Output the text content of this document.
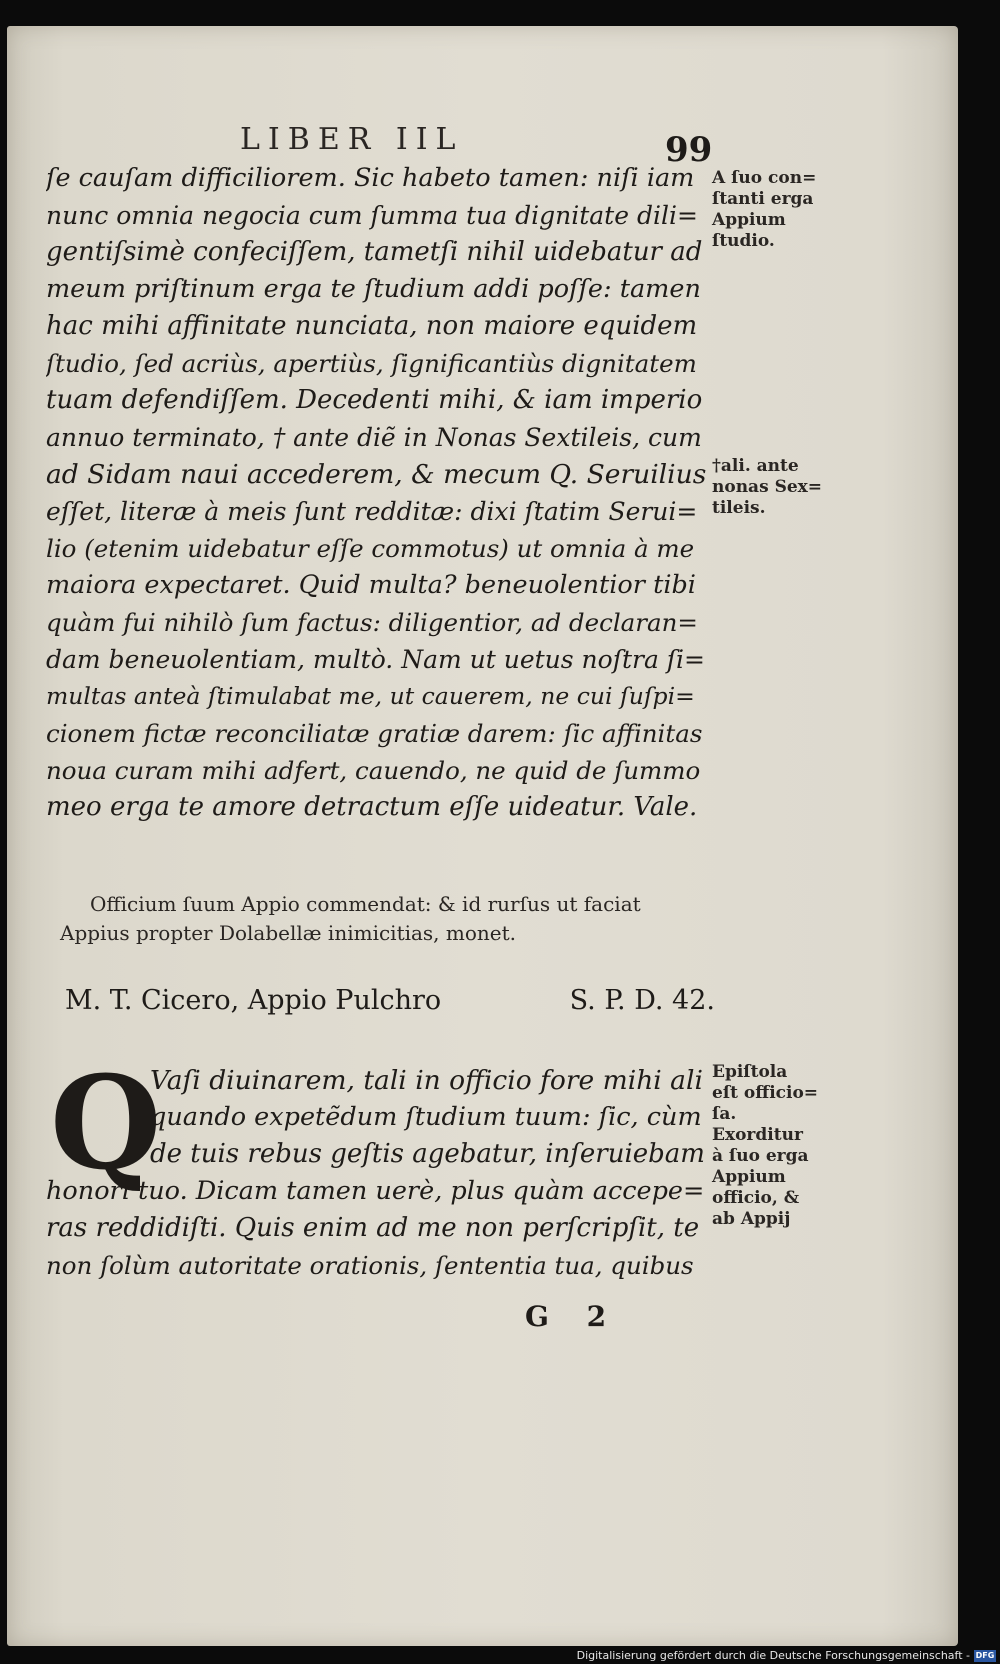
LIBER IIL	99
ſe cauſam difficiliorem. Sic habeto tamen: niſi iam
nunc omnia negocia cum ſumma tua dignitate dili=
gentiſsimè confeciſſem, tametſi nihil uidebatur ad
meum priſtinum erga te ſtudium addi poſſe: tamen
hac mihi affinitate nunciata, non maiore equidem
ſtudio, ſed acriùs, apertiùs, ſignificantiùs dignitatem
tuam defendiſſem. Decedenti mihi, & iam imperio
annuo terminato, † ante diẽ in Nonas Sextileis, cum
ad Sidam naui accederem, & mecum Q. Seruilius
eſſet, literæ à meis ſunt redditæ: dixi ſtatim Serui=
lio (etenim uidebatur eſſe commotus) ut omnia à me
maiora expectaret. Quid multa? beneuolentior tibi
quàm fui nihilò ſum factus: diligentior, ad declaran=
dam beneuolentiam, multò. Nam ut uetus noſtra ſi=
multas anteà ſtimulabat me, ut cauerem, ne cui ſuſpi=
cionem fictæ reconciliatæ gratiæ darem: ſic affinitas
noua curam mihi adfert, cauendo, ne quid de ſummo
meo erga te amore detractum eſſe uideatur. Vale.
A ſuo con=
ſtanti erga
Appium
ſtudio.
†ali. ante
nonas Sex=
tileis.
Epiſtola
eſt officio=
ſa.
Exorditur
à ſuo erga
Appium
officio, &
ab Appij
Officium ſuum Appio commendat: & id rurſus ut faciat
Appius propter Dolabellæ inimicitias, monet.
M. T. Cicero, Appio Pulchro	S. P. D. 42.
Q
Vaſi diuinarem, tali in officio fore mihi ali
quando expetẽdum ſtudium tuum: ſic, cùm
de tuis rebus geſtis agebatur, inſeruiebam
honori tuo. Dicam tamen uerè, plus quàm accepe=
ras reddidiſti. Quis enim ad me non perſcripſit, te
non ſolùm autoritate orationis, ſententia tua, quibus
G 2
Digitalisierung gefördert durch die Deutsche Forschungsgemeinschaft - DFG
